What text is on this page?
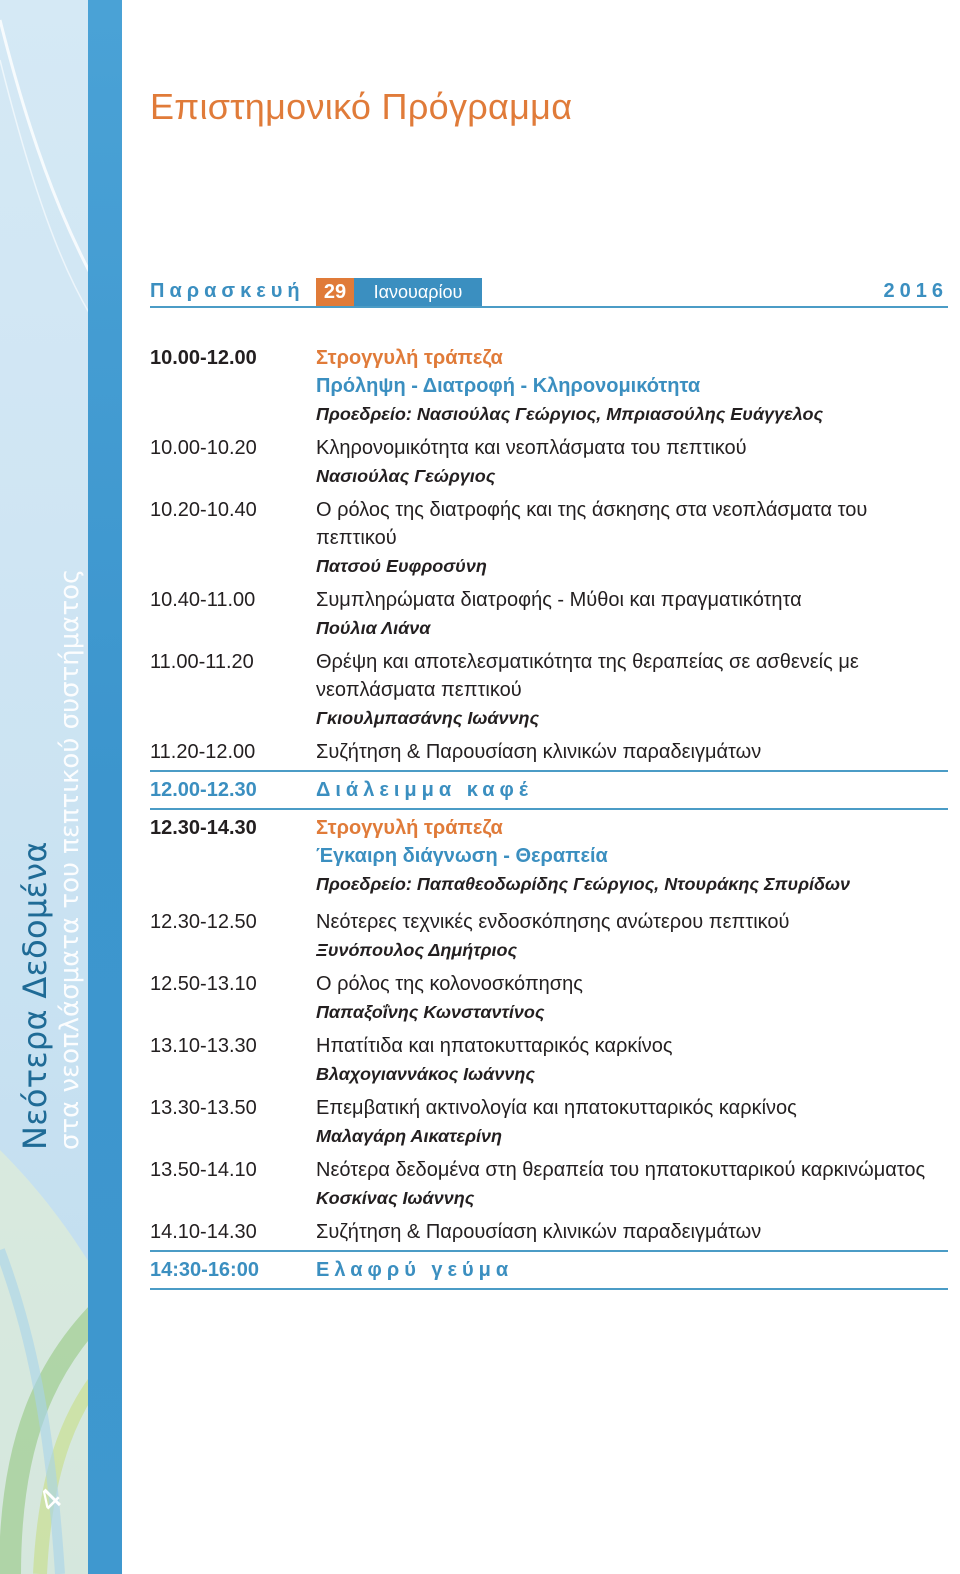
4
Επιστημονικό Πρόγραμμα
Παρασκευή 29	Ιανουαρίου	2016
10.00-12.00	Στρογγυλή τράπεζα
Πρόληψη - Διατροφή - Κληρονομικότητα
Προεδρείο: Νασιούλας Γεώργιος, Μπριασούλης Ευάγγελος
10.00-10.20	Κληρονομικότητα και νεοπλάσματα του πεπτικού
Νασιούλας Γεώργιος
10.20-10.40	Ο ρόλος της διατροφής και της άσκησης στα νεοπλάσματα του πεπτικού
Πατσού Ευφροσύνη
10.40-11.00	Συμπληρώματα διατροφής - Μύθοι και πραγματικότητα
Πούλια Λιάνα
11.00-11.20	Θρέψη και αποτελεσματικότητα της θεραπείας σε ασθενείς με νεοπλάσματα πεπτικού
Γκιουλμπασάνης Ιωάννης
11.20-12.00	Συζήτηση & Παρουσίαση κλινικών παραδειγμάτων
12.00-12.30	Διάλειμμα καφέ
12.30-14.30	Στρογγυλή τράπεζα
Έγκαιρη διάγνωση - Θεραπεία
Προεδρείο: Παπαθεοδωρίδης Γεώργιος, Ντουράκης Σπυρίδων
12.30-12.50	Νεότερες τεχνικές ενδοσκόπησης ανώτερου πεπτικού
Ξυνόπουλος Δημήτριος
12.50-13.10	Ο ρόλος της κολονοσκόπησης
Παπαξοΐνης Κωνσταντίνος
13.10-13.30	Ηπατίτιδα και ηπατοκυτταρικός καρκίνος
Βλαχογιαννάκος Ιωάννης
13.30-13.50	Επεμβατική ακτινολογία και ηπατοκυτταρικός καρκίνος
Μαλαγάρη Αικατερίνη
13.50-14.10	Νεότερα δεδομένα στη θεραπεία του ηπατοκυτταρικού καρκινώματος
Κοσκίνας Ιωάννης
14.10-14.30	Συζήτηση & Παρουσίαση κλινικών παραδειγμάτων
14:30-16:00	Ελαφρύ γεύμα
